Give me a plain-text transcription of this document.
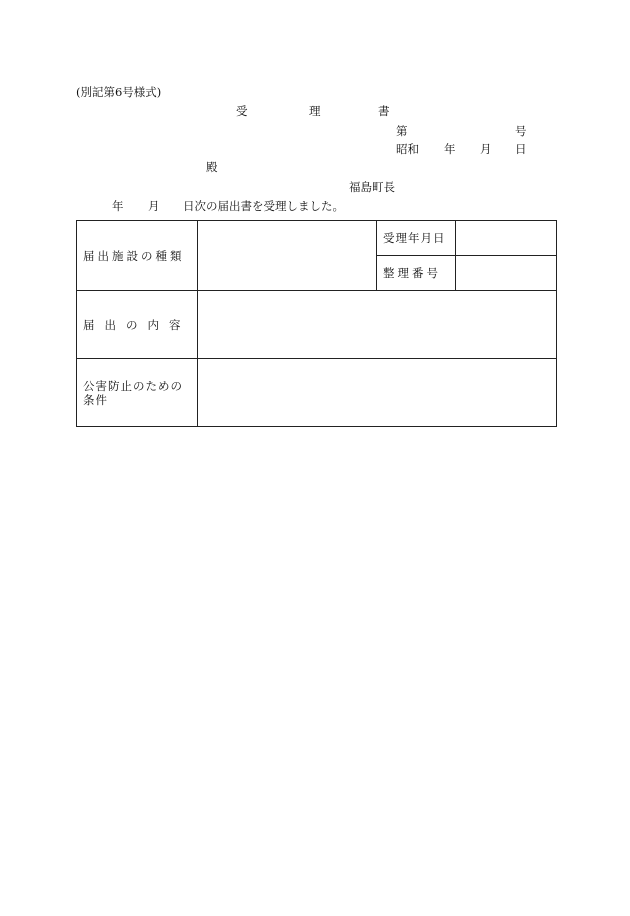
(別記第6号様式)
受	理	書
第	号
昭和 年 月 日
殿
福島町長
年 月 日次の届出書を受理しました。
届出施設の種類		受理年月日	
		整理番号	
届出の内容			
公害防止のための条件			
